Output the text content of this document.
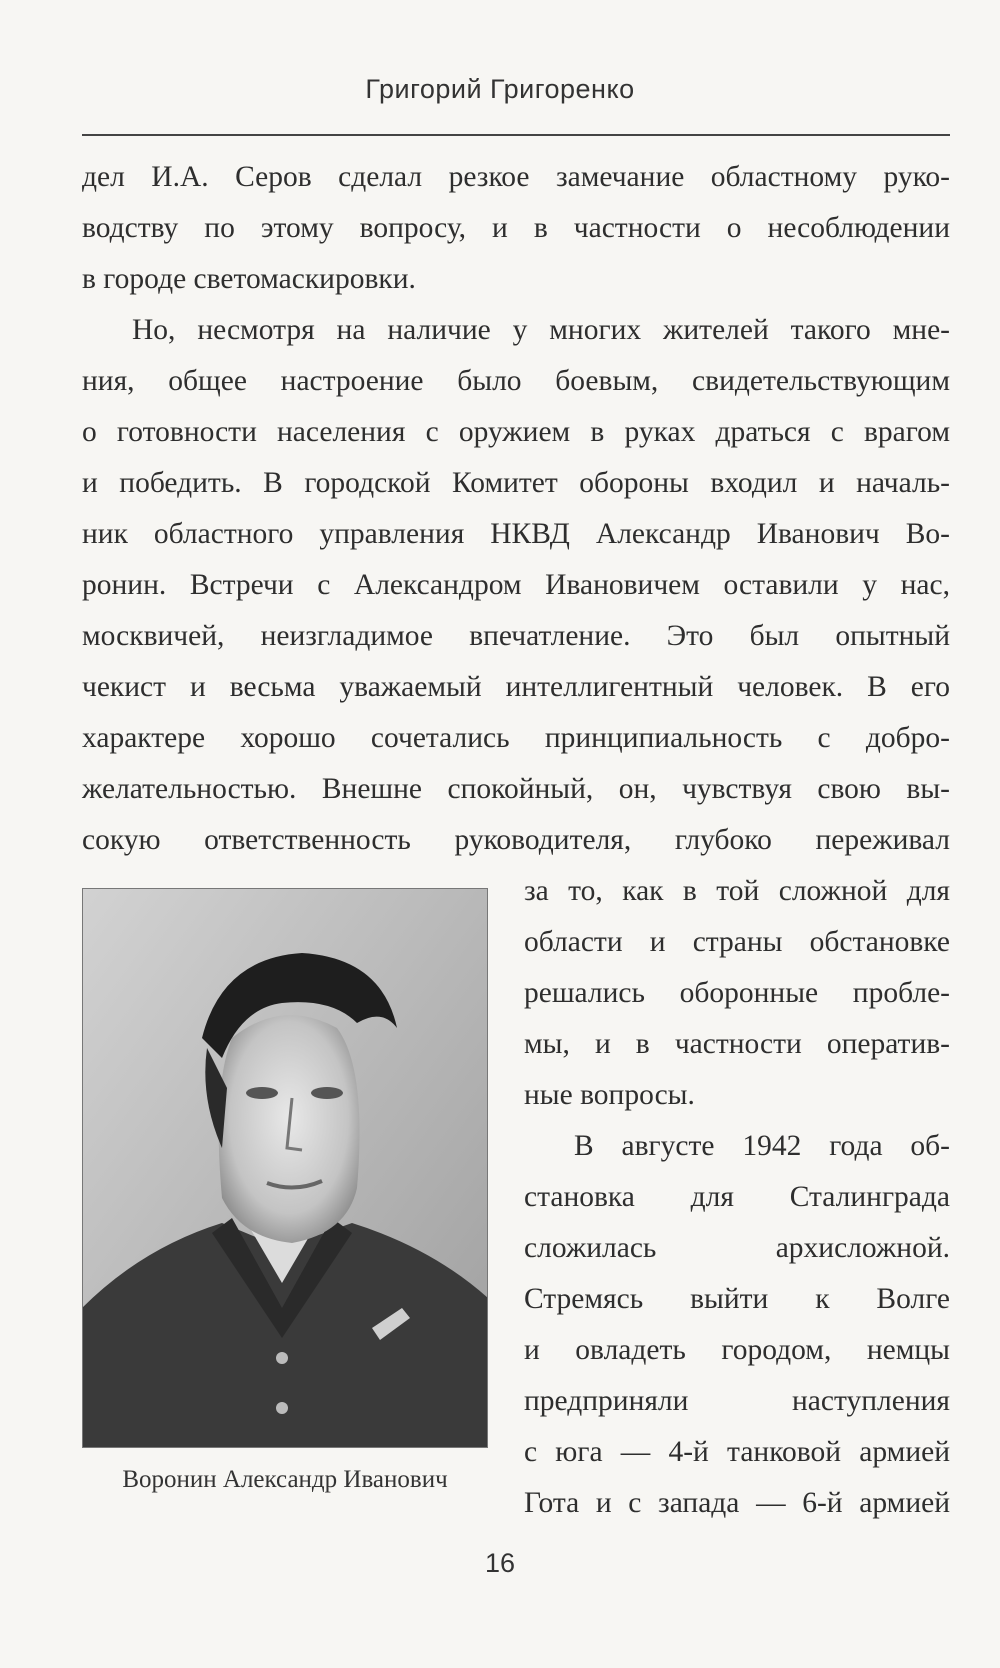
Григорий Григоренко

дел И.А. Серов сделал резкое замечание областному руко-
водству по этому вопросу, и в частности о несоблюдении
в городе светомаскировки.

Но, несмотря на наличие у многих жителей такого мне-
ния, общее настроение было боевым, свидетельствующим
о готовности населения с оружием в руках драться с врагом
и победить. В городской Комитет обороны входил и началь-
ник областного управления НКВД Александр Иванович Во-
ронин. Встречи с Александром Ивановичем оставили у нас,
москвичей, неизгладимое впечатление. Это был опытный
чекист и весьма уважаемый интеллигентный человек. В его
характере хорошо сочетались принципиальность с добро-
желательностью. Внешне спокойный, он, чувствуя свою вы-
сокую ответственность руководителя, глубоко переживал

Воронин Александр Иванович
за то, как в той сложной для
области и страны обстановке
решались оборонные пробле-
мы, и в частности оператив-
ные вопросы.
В августе 1942 года об-
становка для Сталинграда
сложилась архисложной.
Стремясь выйти к Волге
и овладеть городом, немцы
предприняли наступления
с юга — 4-й танковой армией
Гота и с запада — 6-й армией
16
